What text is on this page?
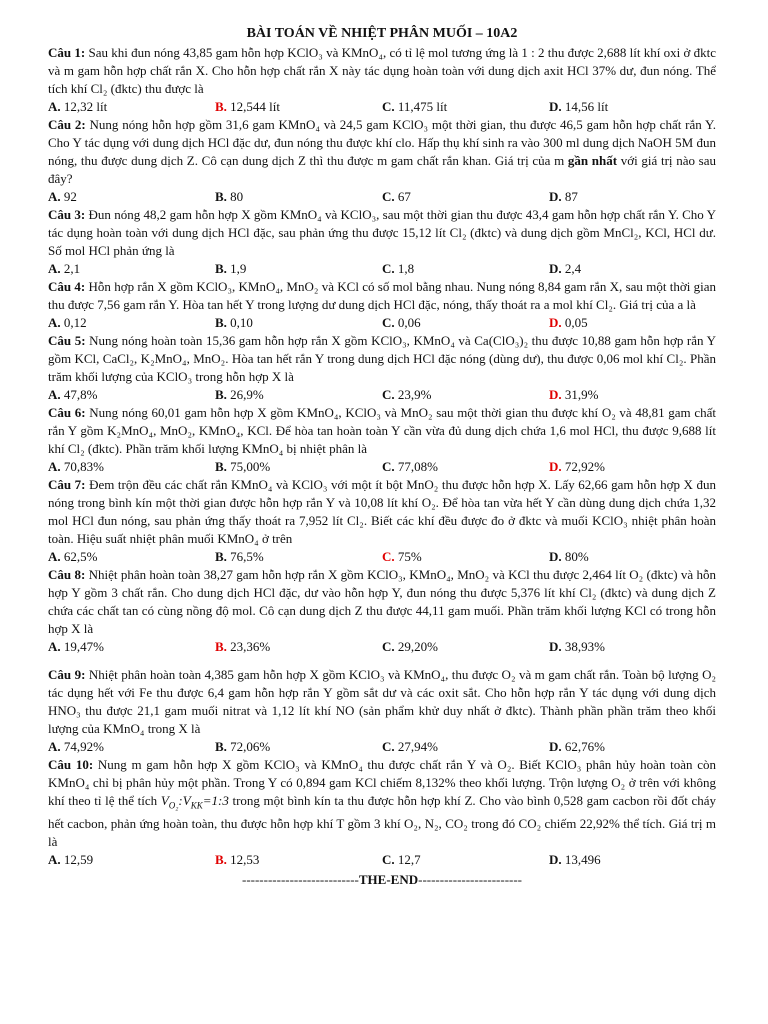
BÀI TOÁN VỀ NHIỆT PHÂN MUỐI – 10A2

Câu 1: Sau khi đun nóng 43,85 gam hỗn hợp KClO₃ và KMnO₄, có tỉ lệ mol tương ứng là 1 : 2 thu được 2,688 lít khí oxi ở đktc và m gam hỗn hợp chất rắn X. Cho hỗn hợp chất rắn X này tác dụng hoàn toàn với dung dịch axit HCl 37% dư, đun nóng. Thể tích khí Cl₂ (đktc) thu được là

A. 12,32 lít	B. 12,544 lít	C. 11,475 lít	D. 14,56 lít

Câu 2: Nung nóng hỗn hợp gồm 31,6 gam KMnO₄ và 24,5 gam KClO₃ một thời gian, thu được 46,5 gam hỗn hợp chất rắn Y. Cho Y tác dụng với dung dịch HCl đặc dư, đun nóng thu được khí clo. Hấp thụ khí sinh ra vào 300 ml dung dịch NaOH 5M đun nóng, thu được dung dịch Z. Cô cạn dung dịch Z thì thu được m gam chất rắn khan. Giá trị của m gần nhất với giá trị nào sau đây?

A. 92	B. 80	C. 67	D. 87

Câu 3: Đun nóng 48,2 gam hỗn hợp X gồm KMnO₄ và KClO₃, sau một thời gian thu được 43,4 gam hỗn hợp chất rắn Y. Cho Y tác dụng hoàn toàn với dung dịch HCl đặc, sau phản ứng thu được 15,12 lít Cl₂ (đktc) và dung dịch gồm MnCl₂, KCl, HCl dư. Số mol HCl phản ứng là

A. 2,1	B. 1,9	C. 1,8	D. 2,4

Câu 4: Hỗn hợp rắn X gồm KClO₃, KMnO₄, MnO₂ và KCl có số mol bằng nhau. Nung nóng 8,84 gam rắn X, sau một thời gian thu được 7,56 gam rắn Y. Hòa tan hết Y trong lượng dư dung dịch HCl đặc, nóng, thấy thoát ra a mol khí Cl₂. Giá trị của a là

A. 0,12	B. 0,10	C. 0,06	D. 0,05

Câu 5: Nung nóng hoàn toàn 15,36 gam hỗn hợp rắn X gồm KClO₃, KMnO₄ và Ca(ClO₃)₂ thu được 10,88 gam hỗn hợp rắn Y gồm KCl, CaCl₂, K₂MnO₄, MnO₂. Hòa tan hết rắn Y trong dung dịch HCl đặc nóng (dùng dư), thu được 0,06 mol khí Cl₂. Phần trăm khối lượng của KClO₃ trong hỗn hợp X là

A. 47,8%	B. 26,9%	C. 23,9%	D. 31,9%

Câu 6: Nung nóng 60,01 gam hỗn hợp X gồm KMnO₄, KClO₃ và MnO₂ sau một thời gian thu được khí O₂ và 48,81 gam chất rắn Y gồm K₂MnO₄, MnO₂, KMnO₄, KCl. Để hòa tan hoàn toàn Y cần vừa đủ dung dịch chứa 1,6 mol HCl, thu được 9,688 lít khí Cl₂ (đktc). Phần trăm khối lượng KMnO₄ bị nhiệt phân là

A. 70,83%	B. 75,00%	C. 77,08%	D. 72,92%

Câu 7: Đem trộn đều các chất rắn KMnO₄ và KClO₃ với một ít bột MnO₂ thu được hỗn hợp X. Lấy 62,66 gam hỗn hợp X đun nóng trong bình kín một thời gian được hỗn hợp rắn Y và 10,08 lít khí O₂. Để hòa tan vừa hết Y cần dùng dung dịch chứa 1,32 mol HCl đun nóng, sau phản ứng thấy thoát ra 7,952 lít Cl₂. Biết các khí đều được đo ở đktc và muối KClO₃ nhiệt phân hoàn toàn. Hiệu suất nhiệt phân muối KMnO₄ ở trên

A. 62,5%	B. 76,5%	C. 75%	D. 80%

Câu 8: Nhiệt phân hoàn toàn 38,27 gam hỗn hợp rắn X gồm KClO₃, KMnO₄, MnO₂ và KCl thu được 2,464 lít O₂ (đktc) và hỗn hợp Y gồm 3 chất rắn. Cho dung dịch HCl đặc, dư vào hỗn hợp Y, đun nóng thu được 5,376 lít khí Cl₂ (đktc) và dung dịch Z chứa các chất tan có cùng nồng độ mol. Cô cạn dung dịch Z thu được 44,11 gam muối. Phần trăm khối lượng KCl có trong hỗn hợp X là

A. 19,47%	B. 23,36%	C. 29,20%	D. 38,93%

Câu 9: Nhiệt phân hoàn toàn 4,385 gam hỗn hợp X gồm KClO₃ và KMnO₄, thu được O₂ và m gam chất rắn. Toàn bộ lượng O₂ tác dụng hết với Fe thu được 6,4 gam hỗn hợp rắn Y gồm sắt dư và các oxit sắt. Cho hỗn hợp rắn Y tác dụng với dung dịch HNO₃ thu được 21,1 gam muối nitrat và 1,12 lít khí NO (sản phẩm khử duy nhất ở đktc). Thành phần phần trăm theo khối lượng của KMnO₄ trong X là

A. 74,92%	B. 72,06%	C. 27,94%	D. 62,76%

Câu 10: Nung m gam hỗn hợp X gồm KClO₃ và KMnO₄ thu được chất rắn Y và O₂. Biết KClO₃ phân hủy hoàn toàn còn KMnO₄ chỉ bị phân hủy một phần. Trong Y có 0,894 gam KCl chiếm 8,132% theo khối lượng. Trộn lượng O₂ ở trên với không khí theo tỉ lệ thể tích $V_{O_2}:V_{KK}=1:3$ trong một bình kín ta thu được hỗn hợp khí Z. Cho vào bình 0,528 gam cacbon rồi đốt cháy hết cacbon, phản ứng hoàn toàn, thu được hỗn hợp khí T gồm 3 khí O₂, N₂, CO₂ trong đó CO₂ chiếm 22,92% thể tích. Giá trị m là

A. 12,59	B. 12,53	C. 12,7	D. 13,496
---------------------------THE-END------------------------
